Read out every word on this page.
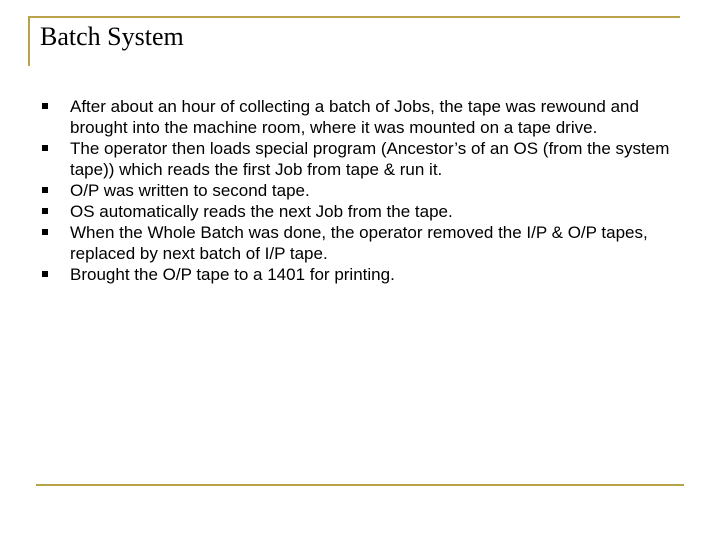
Batch System
After about an hour of collecting a batch of Jobs, the tape was rewound and brought into the machine room, where it was mounted on a tape drive.
The operator then loads special program (Ancestor’s of an OS (from the system tape)) which reads the first Job from tape & run it.
O/P was written to second tape.
OS automatically reads the next Job from the tape.
When the Whole Batch was done, the operator removed the I/P & O/P tapes, replaced by next batch of I/P tape.
Brought the O/P tape to a 1401 for printing.
